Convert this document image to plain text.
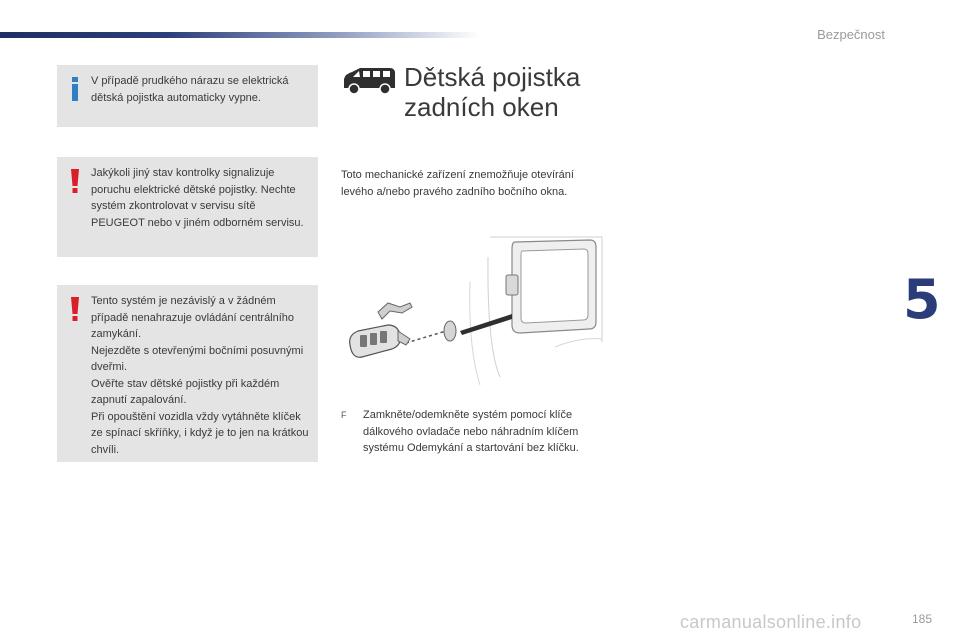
Bezpečnost
5
carmanualsonline.info	185

V případě prudkého nárazu se elektrická dětská pojistka automaticky vypne.

Jakýkoli jiný stav kontrolky signalizuje poruchu elektrické dětské pojistky. Nechte systém zkontrolovat v servisu sítě PEUGEOT nebo v jiném odborném servisu.

Tento systém je nezávislý a v žádném případě nenahrazuje ovládání centrálního zamykání.

Nejezděte s otevřenými bočními posuvnými dveřmi.

Ověřte stav dětské pojistky při každém zapnutí zapalování.

Při opouštění vozidla vždy vytáhněte klíček ze spínací skříňky, i když je to jen na krátkou chvíli.

Dětská pojistka zadních oken
Toto mechanické zařízení znemožňuje otevírání levého a/nebo pravého zadního bočního okna.
F Zamkněte/odemkněte systém pomocí klíče dálkového ovladače nebo náhradním klíčem systému Odemykání a startování bez klíčku.
